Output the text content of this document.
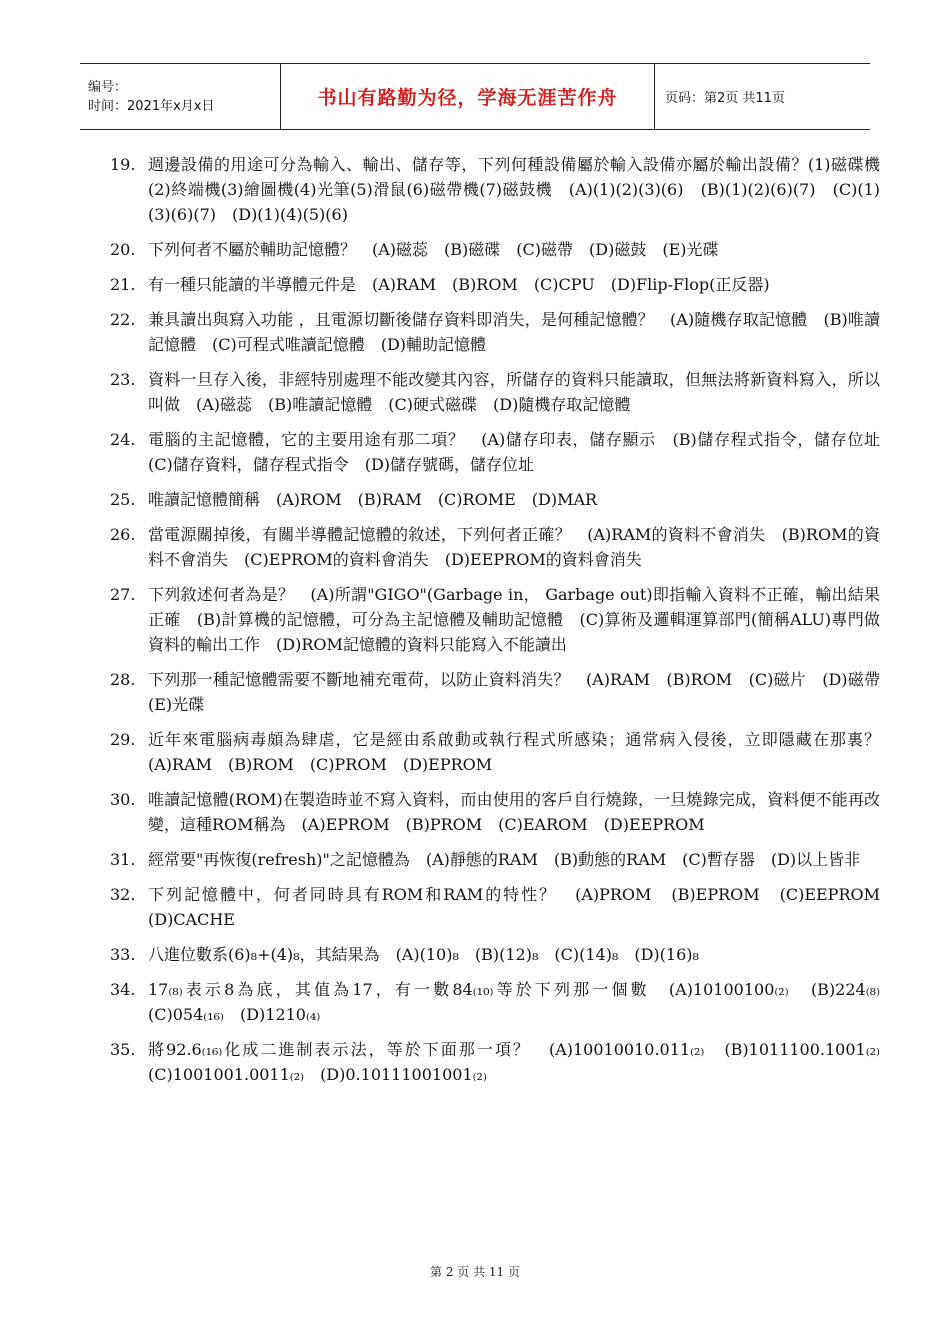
编号：
时间：2021年x月x日	书山有路勤为径，学海无涯苦作舟	页码：第2页 共11页
19. 週邊設備的用途可分為輸入、輸出、儲存等，下列何種設備屬於輸入設備亦屬於輸出設備？(1)磁碟機(2)終端機(3)繪圖機(4)光筆(5)滑鼠(6)磁帶機(7)磁鼓機　(A)(1)(2)(3)(6)　(B)(1)(2)(6)(7)　(C)(1)(3)(6)(7)　(D)(1)(4)(5)(6)
20. 下列何者不屬於輔助記憶體？　(A)磁蕊　(B)磁碟　(C)磁帶　(D)磁鼓　(E)光碟
21. 有一種只能讀的半導體元件是　(A)RAM　(B)ROM　(C)CPU　(D)Flip-Flop(正反器)
22. 兼具讀出與寫入功能 ，且電源切斷後儲存資料即消失，是何種記憶體？　(A)隨機存取記憶體　(B)唯讀記憶體　(C)可程式唯讀記憶體　(D)輔助記憶體
23. 資料一旦存入後，非經特別處理不能改變其內容，所儲存的資料只能讀取，但無法將新資料寫入，所以叫做　(A)磁蕊　(B)唯讀記憶體　(C)硬式磁碟　(D)隨機存取記憶體
24. 電腦的主記憶體，它的主要用途有那二項？　(A)儲存印表，儲存顯示　(B)儲存程式指令，儲存位址　(C)儲存資料，儲存程式指令　(D)儲存號碼，儲存位址
25. 唯讀記憶體簡稱　(A)ROM　(B)RAM　(C)ROME　(D)MAR
26. 當電源關掉後，有關半導體記憶體的敘述，下列何者正確？　(A)RAM的資料不會消失　(B)ROM的資料不會消失　(C)EPROM的資料會消失　(D)EEPROM的資料會消失
27. 下列敘述何者為是？　(A)所謂"GIGO"(Garbage in， Garbage out)即指輸入資料不正確，輸出結果正確　(B)計算機的記憶體，可分為主記憶體及輔助記憶體　(C)算術及邏輯運算部門(簡稱ALU)專門做資料的輸出工作　(D)ROM記憶體的資料只能寫入不能讀出
28. 下列那一種記憶體需要不斷地補充電荷，以防止資料消失？　(A)RAM　(B)ROM　(C)磁片　(D)磁帶　(E)光碟
29. 近年來電腦病毒頗為肆虐，它是經由系啟動或執行程式所感染；通常病入侵後，立即隱藏在那裏？　(A)RAM　(B)ROM　(C)PROM　(D)EPROM
30. 唯讀記憶體(ROM)在製造時並不寫入資料，而由使用的客戶自行燒錄，一旦燒錄完成，資料便不能再改變，這種ROM稱為　(A)EPROM　(B)PROM　(C)EAROM　(D)EEPROM
31. 經常要"再恢復(refresh)"之記憶體為　(A)靜態的RAM　(B)動態的RAM　(C)暫存器　(D)以上皆非
32. 下列記憶體中，何者同時具有ROM和RAM的特性？　(A)PROM　(B)EPROM　(C)EEPROM　(D)CACHE
33. 八進位數系(6)₈+(4)₈，其結果為　(A)(10)₈　(B)(12)₈　(C)(14)₈　(D)(16)₈
34. 17₍₈₎表示8為底，其值為17，有一數84₍₁₀₎等於下列那一個數　(A)10100100₍₂₎　(B)224₍₈₎　(C)054₍₁₆₎　(D)1210₍₄₎
35. 將92.6₍₁₆₎化成二進制表示法，等於下面那一項？　(A)10010010.011₍₂₎　(B)1011100.1001₍₂₎　(C)1001001.0011₍₂₎　(D)0.10111001001₍₂₎
第 2 页 共 11 页
